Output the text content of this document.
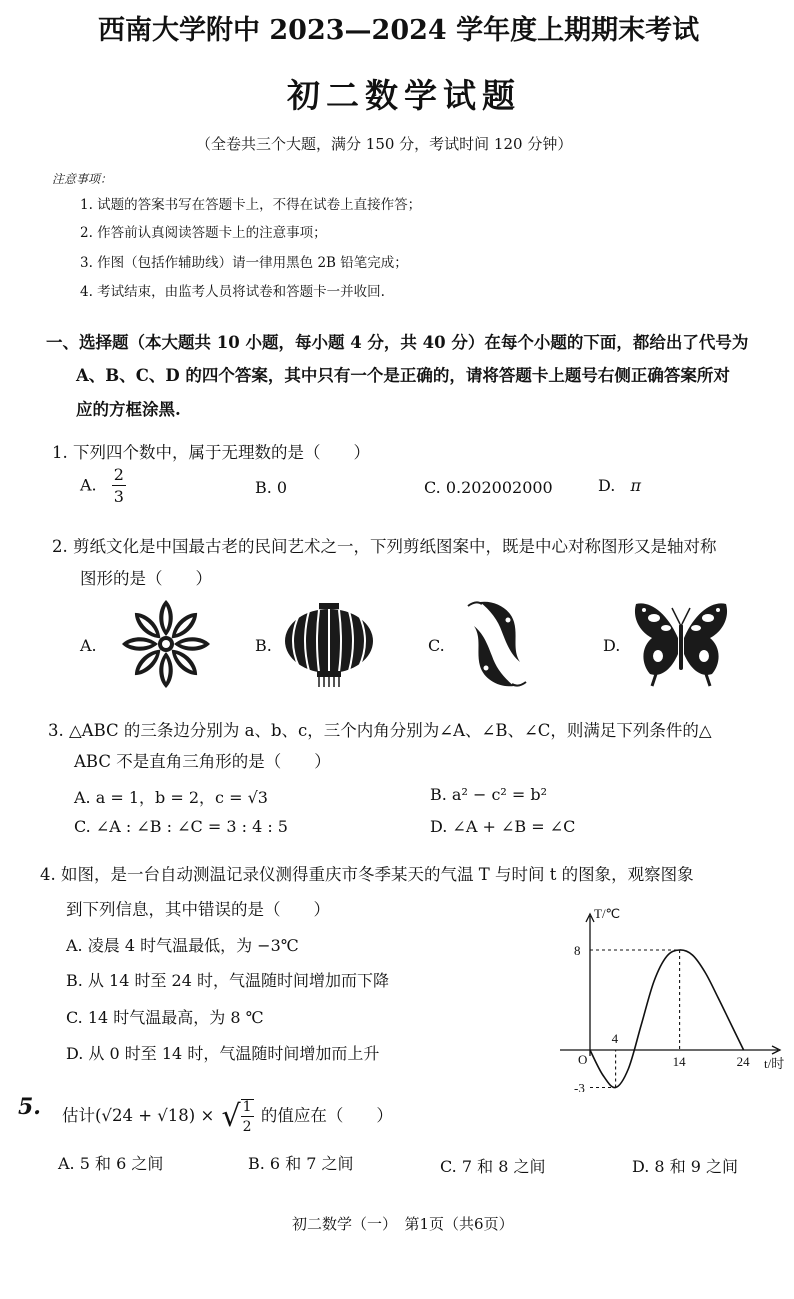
西南大学附中 2023—2024 学年度上期期末考试
初二数学试题
（全卷共三个大题，满分 150 分，考试时间 120 分钟）
注意事项：
1. 试题的答案书写在答题卡上，不得在试卷上直接作答；
2. 作答前认真阅读答题卡上的注意事项；
3. 作图（包括作辅助线）请一律用黑色 2B 铅笔完成；
4. 考试结束，由监考人员将试卷和答题卡一并收回.
一、选择题（本大题共 10 小题，每小题 4 分，共 40 分）在每个小题的下面，都给出了代号为
A、B、C、D 的四个答案，其中只有一个是正确的，请将答题卡上题号右侧正确答案所对
应的方框涂黑.
1. 下列四个数中，属于无理数的是（　　）
A. $\frac{2}{3}$	B. 0	C. 0.202002000	D. π
2. 剪纸文化是中国最古老的民间艺术之一，下列剪纸图案中，既是中心对称图形又是轴对称
图形的是（　　）
A.	B.	C.	D.
3. △ABC 的三条边分别为 a、b、c，三个内角分别为∠A、∠B、∠C，则满足下列条件的△
ABC 不是直角三角形的是（　　）
A. a = 1，b = 2，c = √3	B. a² − c² = b²
C. ∠A : ∠B : ∠C = 3 : 4 : 5	D. ∠A + ∠B = ∠C
4. 如图，是一台自动测温记录仪测得重庆市冬季某天的气温 T 与时间 t 的图象，观察图象
到下列信息，其中错误的是（　　）
A. 凌晨 4 时气温最低，为 −3℃
B. 从 14 时至 24 时，气温随时间增加而下降
C. 14 时气温最高，为 8 ℃
D. 从 0 时至 14 时，气温随时间增加而上升
T/℃
t/时
O
8
-3
4
14	24
5. 估计(√24 + √18) × √ $\frac{1}{2}$ 的值应在（　　）
A. 5 和 6 之间	B. 6 和 7 之间	C. 7 和 8 之间	D. 8 和 9 之间
初二数学（一）　第1页（共6页）
